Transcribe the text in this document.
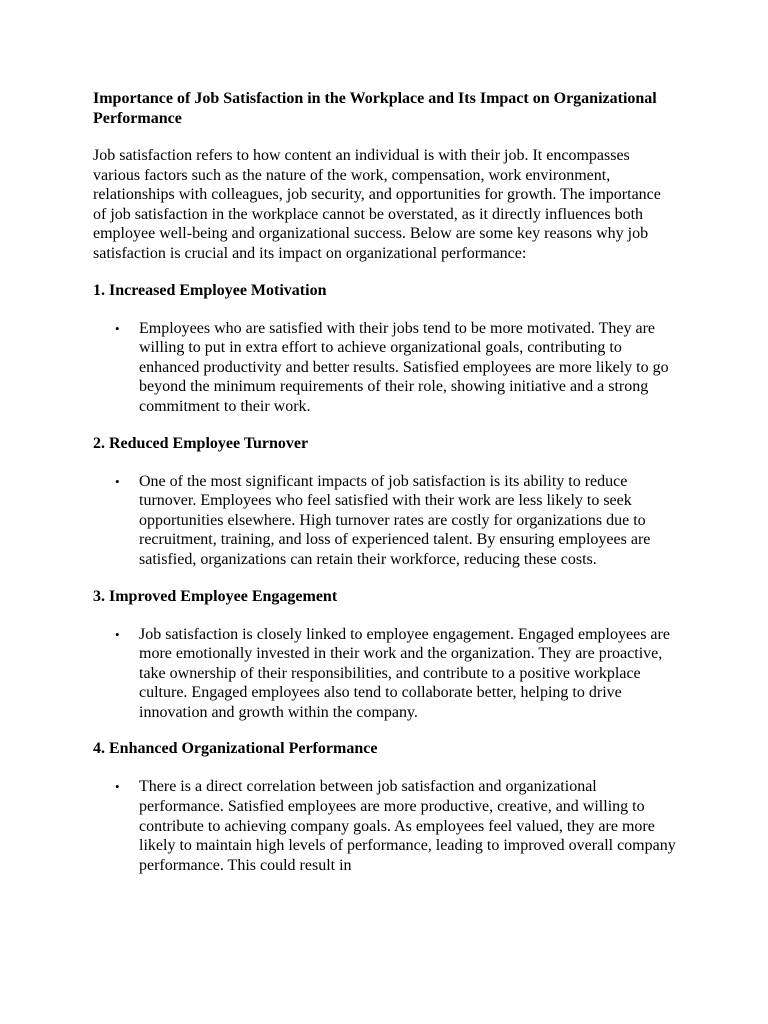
Importance of Job Satisfaction in the Workplace and Its Impact on Organizational Performance
Job satisfaction refers to how content an individual is with their job. It encompasses various factors such as the nature of the work, compensation, work environment, relationships with colleagues, job security, and opportunities for growth. The importance of job satisfaction in the workplace cannot be overstated, as it directly influences both employee well-being and organizational success. Below are some key reasons why job satisfaction is crucial and its impact on organizational performance:
1. Increased Employee Motivation
• Employees who are satisfied with their jobs tend to be more motivated. They are willing to put in extra effort to achieve organizational goals, contributing to enhanced productivity and better results. Satisfied employees are more likely to go beyond the minimum requirements of their role, showing initiative and a strong commitment to their work.
2. Reduced Employee Turnover
• One of the most significant impacts of job satisfaction is its ability to reduce turnover. Employees who feel satisfied with their work are less likely to seek opportunities elsewhere. High turnover rates are costly for organizations due to recruitment, training, and loss of experienced talent. By ensuring employees are satisfied, organizations can retain their workforce, reducing these costs.
3. Improved Employee Engagement
• Job satisfaction is closely linked to employee engagement. Engaged employees are more emotionally invested in their work and the organization. They are proactive, take ownership of their responsibilities, and contribute to a positive workplace culture. Engaged employees also tend to collaborate better, helping to drive innovation and growth within the company.
4. Enhanced Organizational Performance
• There is a direct correlation between job satisfaction and organizational performance. Satisfied employees are more productive, creative, and willing to contribute to achieving company goals. As employees feel valued, they are more likely to maintain high levels of performance, leading to improved overall company performance. This could result in
